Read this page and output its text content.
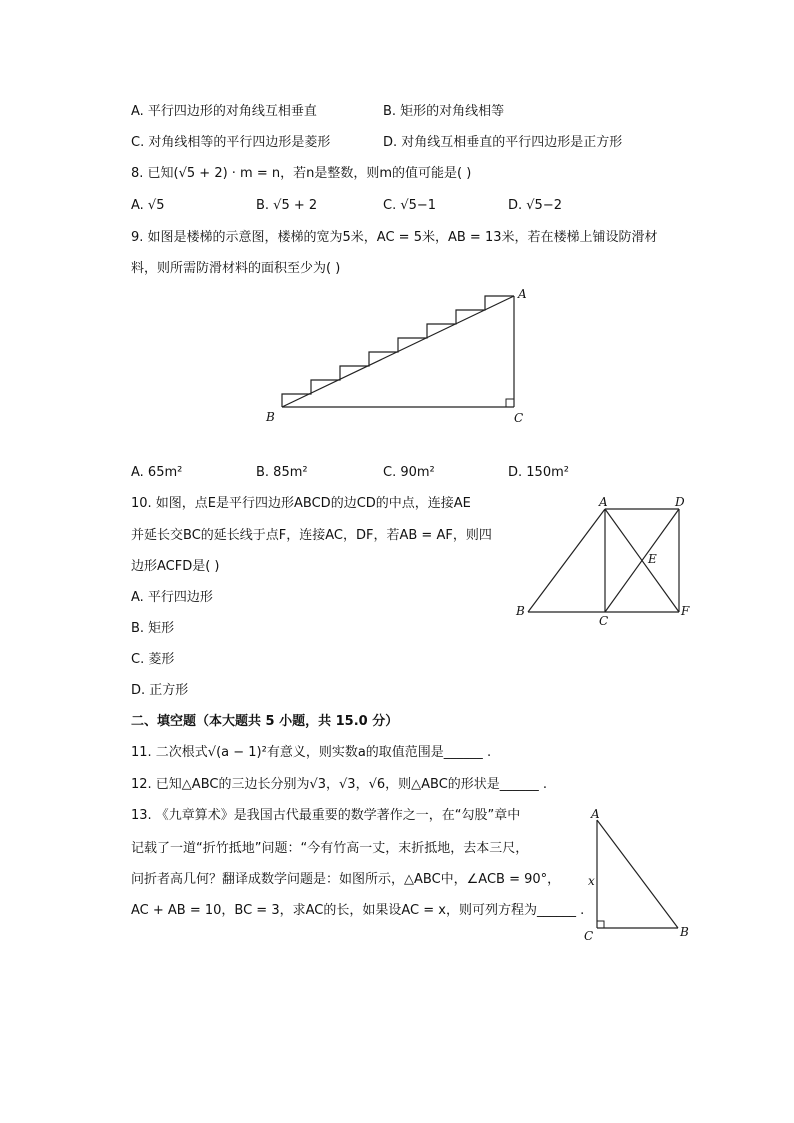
A. 平行四边形的对角线互相垂直	B. 矩形的对角线相等
C. 对角线相等的平行四边形是菱形	D. 对角线互相垂直的平行四边形是正方形
8. 已知(√5 + 2) · m = n，若n是整数，则m的值可能是( )
A. √5	B. √5 + 2	C. √5−1	D. √5−2
9. 如图是楼梯的示意图，楼梯的宽为5米，AC = 5米，AB = 13米，若在楼梯上铺设防滑材
料，则所需防滑材料的面积至少为( )
A
B	C
A. 65m²	B. 85m²	C. 90m²	D. 150m²
10. 如图，点E是平行四边形ABCD的边CD的中点，连接AE
并延长交BC的延长线于点F，连接AC，DF，若AB = AF，则四
边形ACFD是( )
A. 平行四边形
B. 矩形
C. 菱形
D. 正方形
A	D
E
B
C
F
二、填空题（本大题共 5 小题，共 15.0 分）
11. 二次根式√(a − 1)²有意义，则实数a的取值范围是______ .
12. 已知△ABC的三边长分别为√3，√3，√6，则△ABC的形状是______ .
13. 《九章算术》是我国古代最重要的数学著作之一，在“勾股”章中
记载了一道“折竹抵地”问题：“今有竹高一丈，末折抵地，去本三尺，
问折者高几何？翻译成数学问题是：如图所示，△ABC中，∠ACB = 90°，
AC + AB = 10，BC = 3，求AC的长，如果设AC = x，则可列方程为______ .
A
x
C	B
